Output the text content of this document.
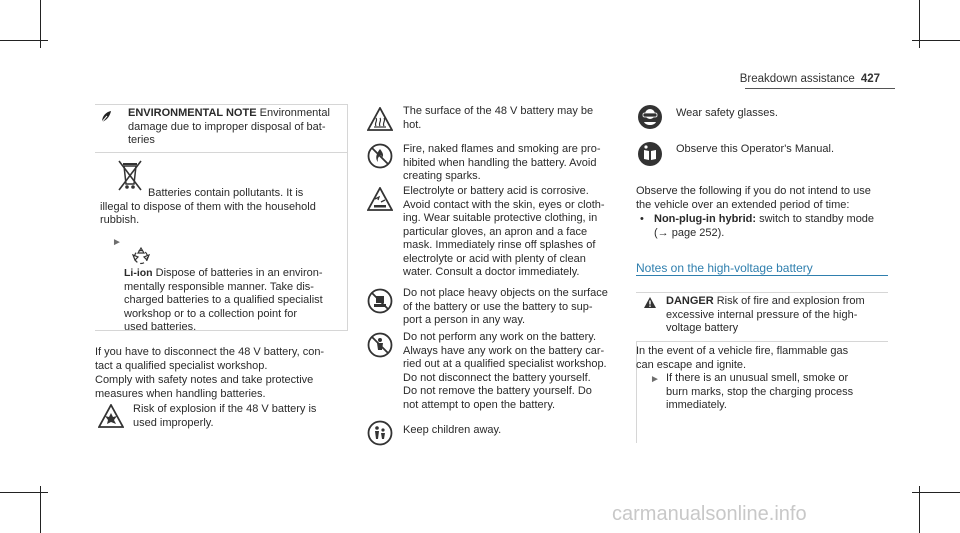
Breakdown assistance 427
ENVIRONMENTAL NOTE Environmental
damage due to improper disposal of bat-
teries
Batteries contain pollutants. It is
illegal to dispose of them with the household
rubbish.
►
Li-ion Dispose of batteries in an environ-
mentally responsible manner. Take dis-
charged batteries to a qualified specialist
workshop or to a collection point for
used batteries.
If you have to disconnect the 48 V battery, con-
tact a qualified specialist workshop.
Comply with safety notes and take protective
measures when handling batteries.
Risk of explosion if the 48 V battery is
used improperly.
The surface of the 48 V battery may be
hot.
Fire, naked flames and smoking are pro-
hibited when handling the battery. Avoid
creating sparks.
Electrolyte or battery acid is corrosive.
Avoid contact with the skin, eyes or cloth-
ing. Wear suitable protective clothing, in
particular gloves, an apron and a face
mask. Immediately rinse off splashes of
electrolyte or acid with plenty of clean
water. Consult a doctor immediately.
Do not place heavy objects on the surface
of the battery or use the battery to sup-
port a person in any way.
Do not perform any work on the battery.
Always have any work on the battery car-
ried out at a qualified specialist workshop.
Do not disconnect the battery yourself.
Do not remove the battery yourself. Do
not attempt to open the battery.
Keep children away.
Wear safety glasses.
Observe this Operator's Manual.
Observe the following if you do not intend to use
the vehicle over an extended period of time:
• Non-plug-in hybrid: switch to standby mode
(→ page 252).
Notes on the high-voltage battery
DANGER Risk of fire and explosion from
excessive internal pressure of the high-
voltage battery
In the event of a vehicle fire, flammable gas
can escape and ignite.
► If there is an unusual smell, smoke or
burn marks, stop the charging process
immediately.
carmanualsonline.info
